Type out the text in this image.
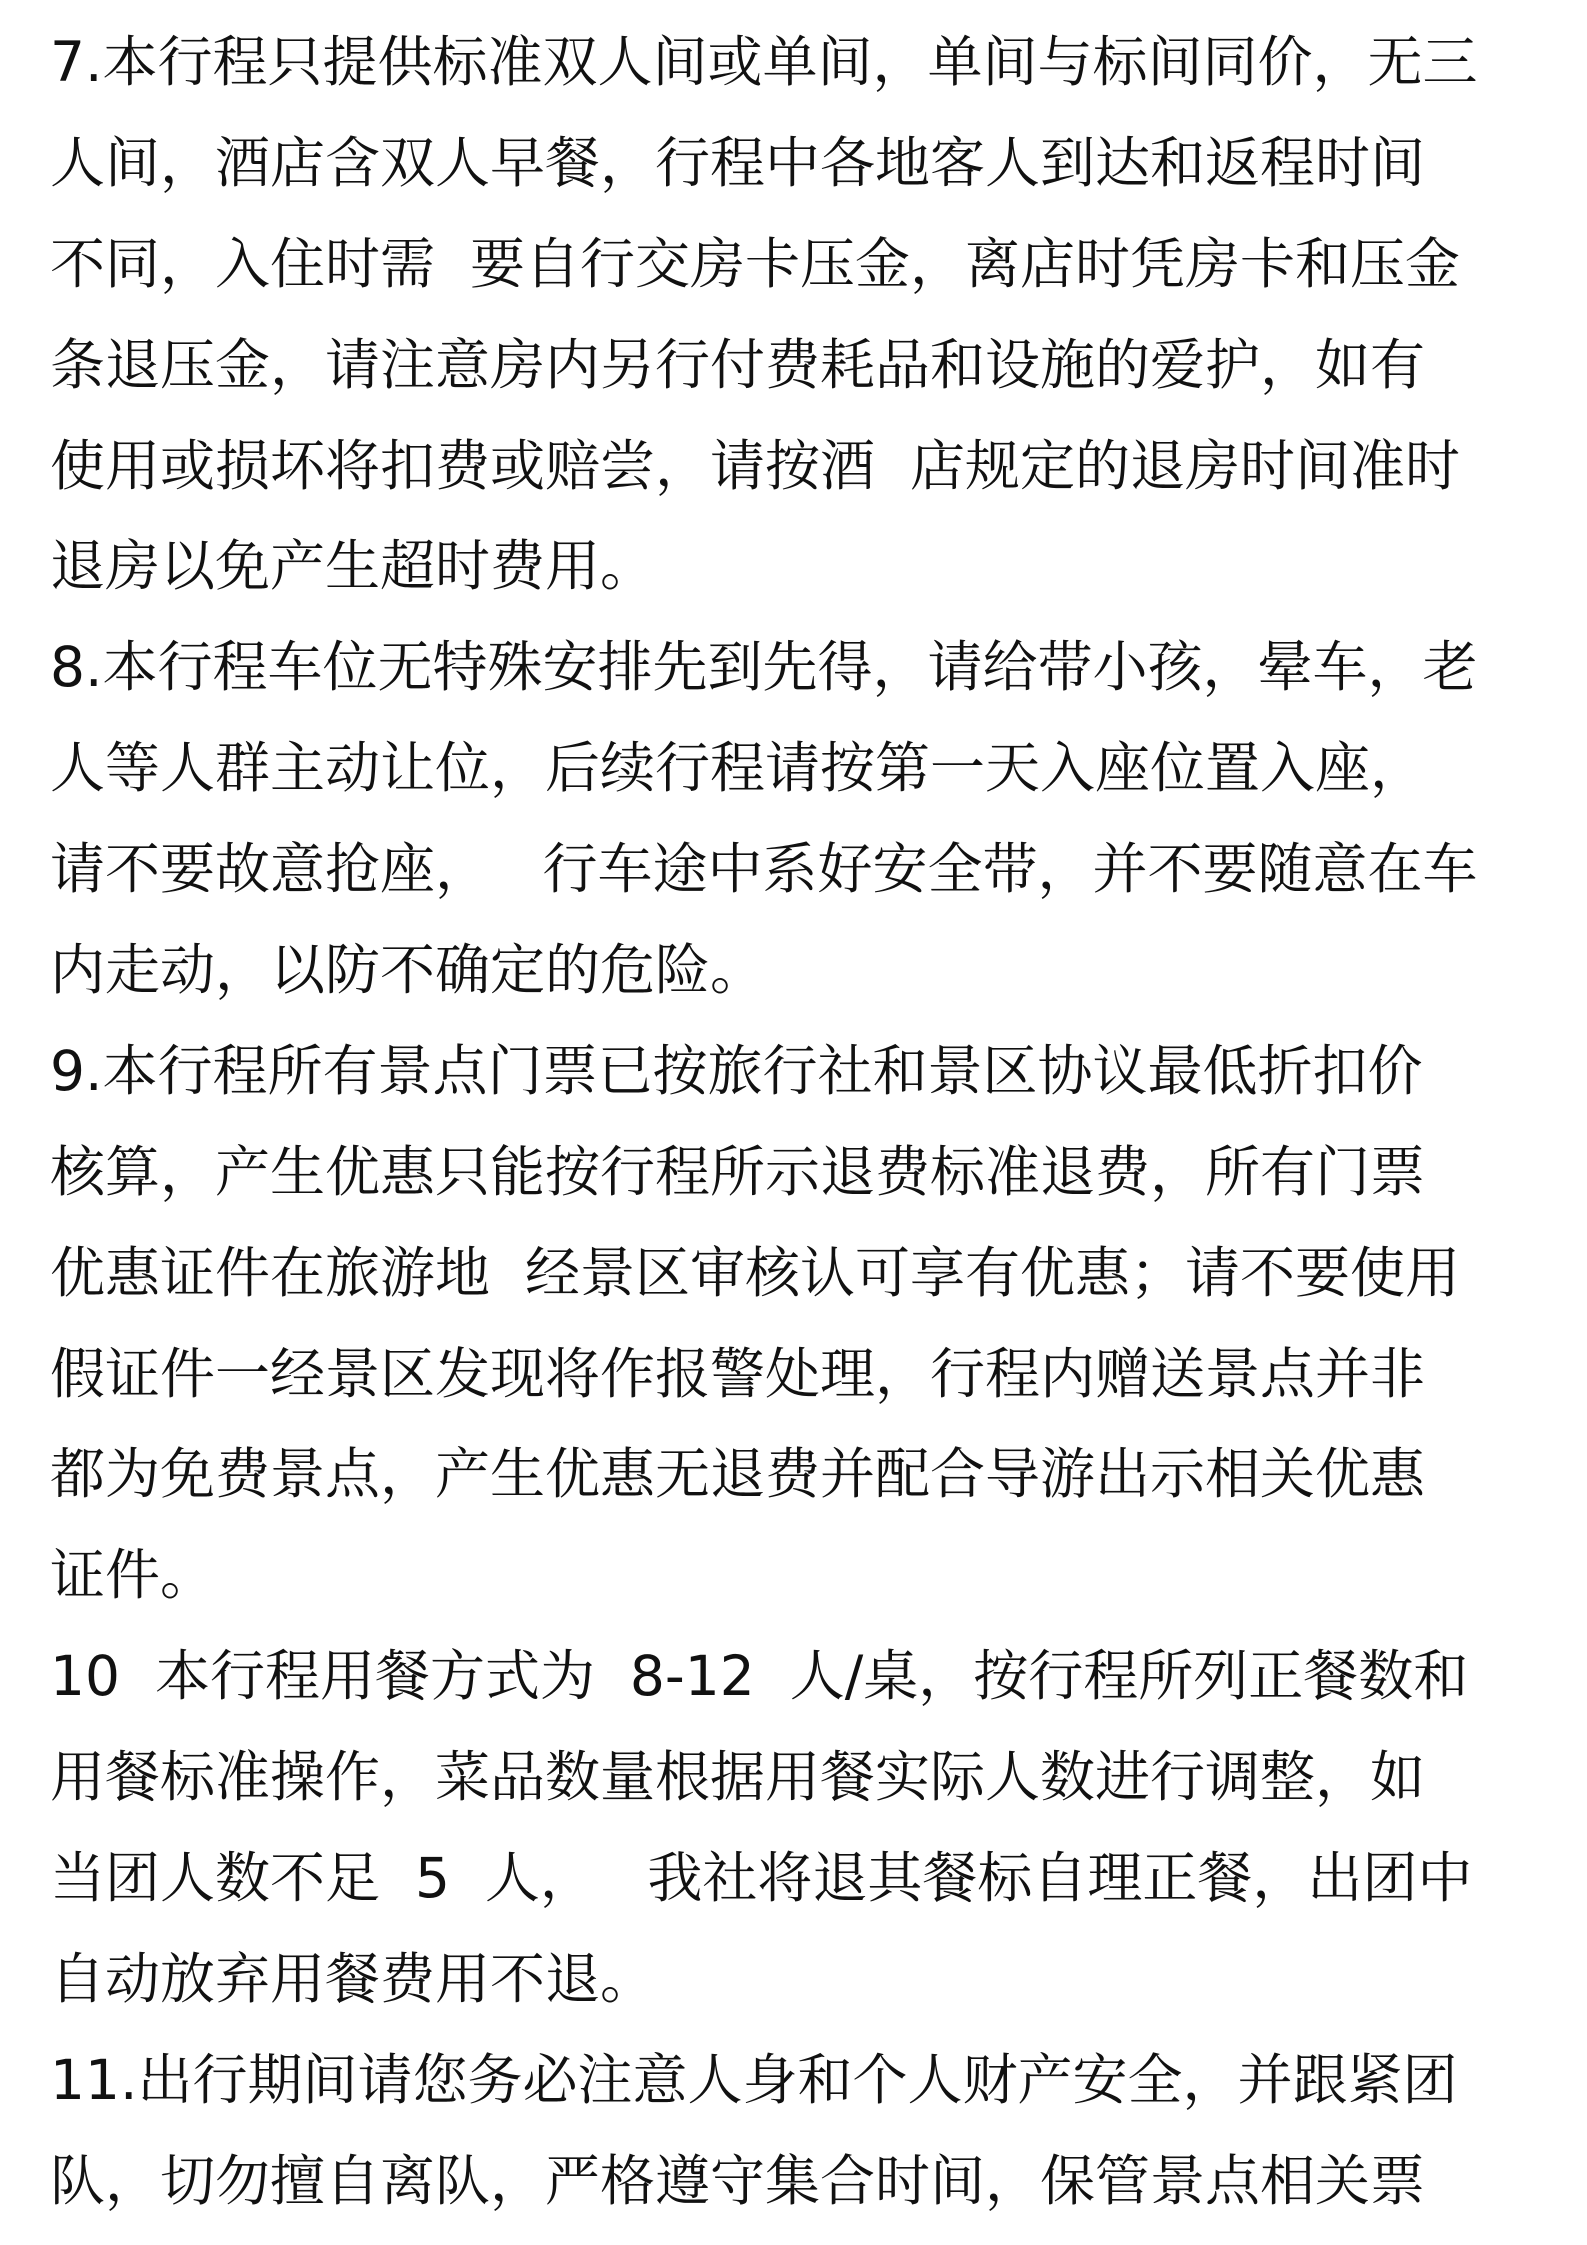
7.本行程只提供标准双人间或单间，单间与标间同价，无三
人间，酒店含双人早餐，行程中各地客人到达和返程时间
不同，入住时需  要自行交房卡压金，离店时凭房卡和压金
条退压金，请注意房内另行付费耗品和设施的爱护，如有
使用或损坏将扣费或赔尝，请按酒  店规定的退房时间准时
退房以免产生超时费用。
8.本行程车位无特殊安排先到先得，请给带小孩，晕车，老
人等人群主动让位，后续行程请按第一天入座位置入座，
请不要故意抢座，   行车途中系好安全带，并不要随意在车
内走动，以防不确定的危险。
9.本行程所有景点门票已按旅行社和景区协议最低折扣价
核算，产生优惠只能按行程所示退费标准退费，所有门票
优惠证件在旅游地  经景区审核认可享有优惠；请不要使用
假证件一经景区发现将作报警处理，行程内赠送景点并非
都为免费景点，产生优惠无退费并配合导游出示相关优惠
证件。
10  本行程用餐方式为  8-12  人/桌，按行程所列正餐数和
用餐标准操作，菜品数量根据用餐实际人数进行调整，如
当团人数不足  5  人，   我社将退其餐标自理正餐，出团中
自动放弃用餐费用不退。
11.出行期间请您务必注意人身和个人财产安全，并跟紧团
队，切勿擅自离队，严格遵守集合时间，保管景点相关票
